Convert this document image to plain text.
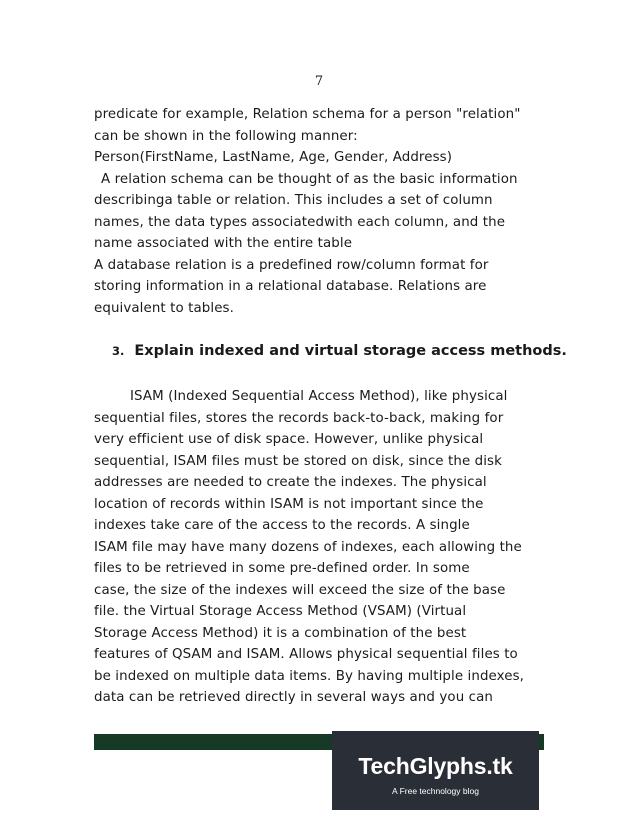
7
predicate for example, Relation schema for a person "relation"
can be shown in the following manner:
Person(FirstName, LastName, Age, Gender, Address)
A relation schema can be thought of as the basic information
describinga table or relation. This includes a set of column
names, the data types associatedwith each column, and the
name associated with the entire table
A database relation is a predefined row/column format for
storing information in a relational database. Relations are
equivalent to tables.
3. Explain indexed and virtual storage access methods.
ISAM (Indexed Sequential Access Method), like physical
sequential files, stores the records back-to-back, making for
very efficient use of disk space. However, unlike physical
sequential, ISAM files must be stored on disk, since the disk
addresses are needed to create the indexes. The physical
location of records within ISAM is not important since the
indexes take care of the access to the records. A single
ISAM file may have many dozens of indexes, each allowing the
files to be retrieved in some pre-defined order. In some
case, the size of the indexes will exceed the size of the base
file. the Virtual Storage Access Method (VSAM) (Virtual
Storage Access Method) it is a combination of the best
features of QSAM and ISAM. Allows physical sequential files to
be indexed on multiple data items. By having multiple indexes,
data can be retrieved directly in several ways and you can
TechGlyphs.tk
A Free technology blog
